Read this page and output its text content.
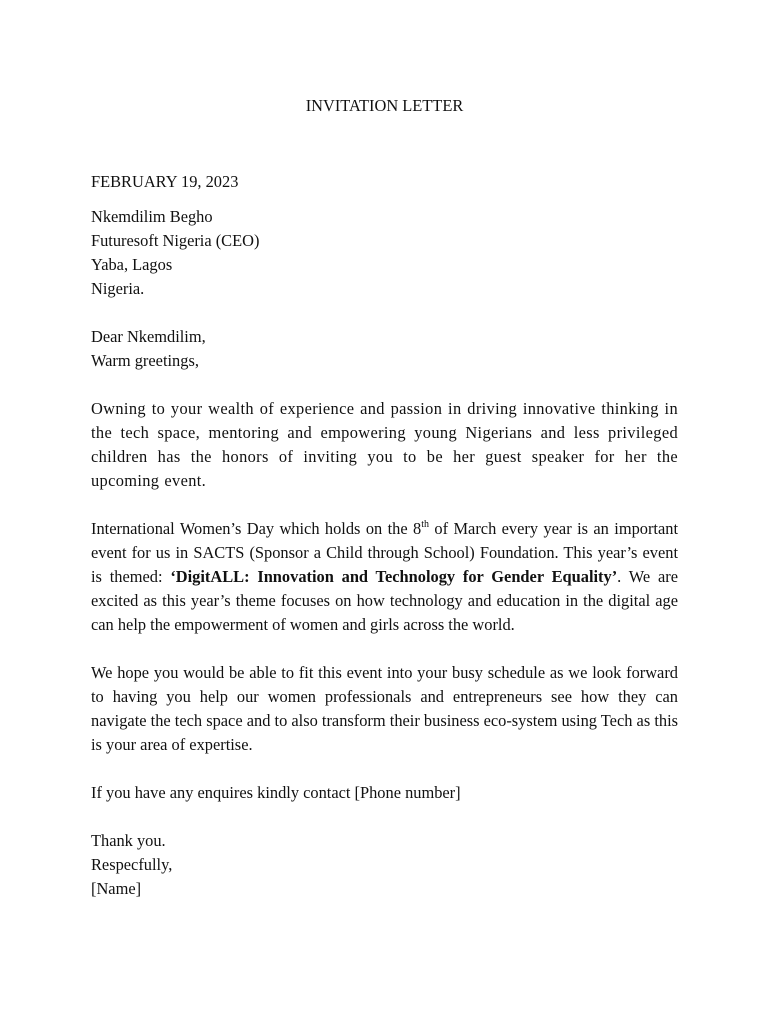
INVITATION LETTER
FEBRUARY 19, 2023
Nkemdilim Begho
Futuresoft Nigeria (CEO)
Yaba, Lagos
Nigeria.
Dear Nkemdilim,
Warm greetings,

Owning to your wealth of experience and passion in driving innovative thinking in the tech space, mentoring and empowering young Nigerians and less privileged children has the honors of inviting you to be her guest speaker for her the upcoming event.

International Women’s Day which holds on the 8th of March every year is an important event for us in SACTS (Sponsor a Child through School) Foundation. This year’s event is themed: ‘DigitALL: Innovation and Technology for Gender Equality’. We are excited as this year’s theme focuses on how technology and education in the digital age can help the empowerment of women and girls across the world.

We hope you would be able to fit this event into your busy schedule as we look forward to having you help our women professionals and entrepreneurs see how they can navigate the tech space and to also transform their business eco-system using Tech as this is your area of expertise.

If you have any enquires kindly contact [Phone number]

Thank you.
Respecfully,
[Name]
